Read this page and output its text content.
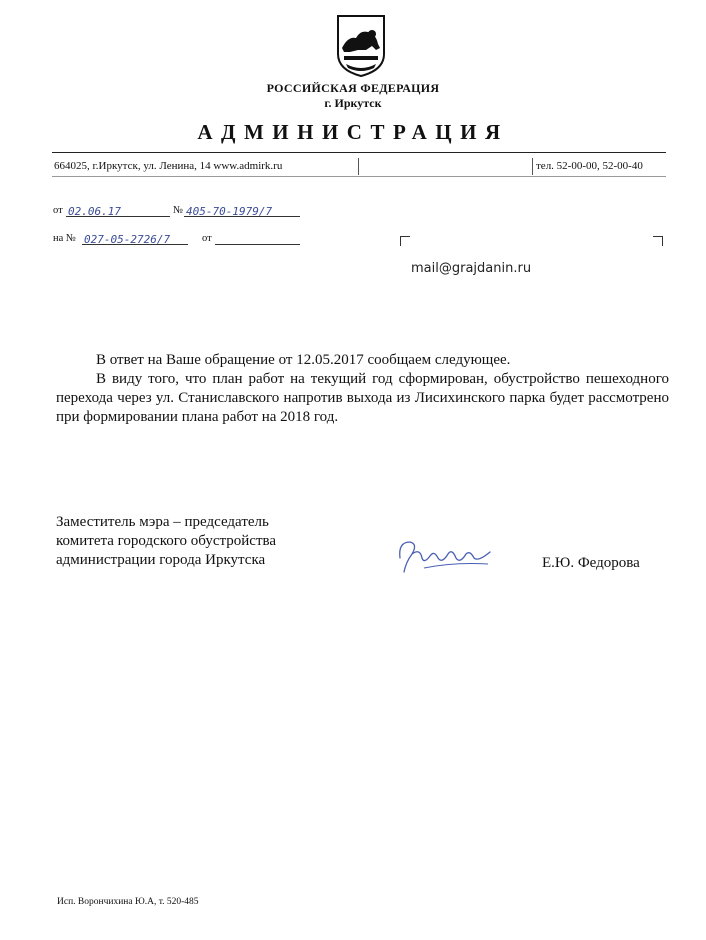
РОССИЙСКАЯ ФЕДЕРАЦИЯ
г. Иркутск
АДМИНИСТРАЦИЯ
664025, г.Иркутск, ул. Ленина, 14 www.admirk.ru	тел. 52-00-00, 52-00-40
от 02.06.17	№ 405-70-1979/7
на № 027-05-2726/7	от
mail@grajdanin.ru

В ответ на Ваше обращение от 12.05.2017 сообщаем следующее.

В виду того, что план работ на текущий год сформирован, обустройство пешеходного перехода через ул. Станиславского напротив выхода из Лисихинского парка будет рассмотрено при формировании плана работ на 2018 год.

Заместитель мэра – председатель
комитета городского обустройства
администрации города Иркутска	Е.Ю. Федорова
Исп. Ворончихина Ю.А, т. 520-485
